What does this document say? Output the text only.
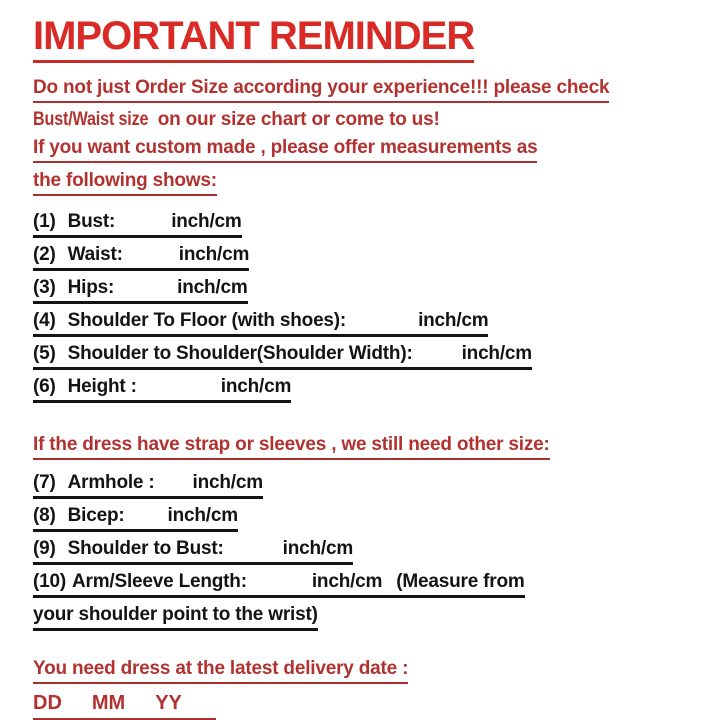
IMPORTANT REMINDER
Do not just Order Size according your experience!!! please check
Bust/Waist size on our size chart or come to us!
If you want custom made , please offer measurements as
the following shows:
(1) Bust:	inch/cm
(2) Waist:	inch/cm
(3) Hips:	inch/cm
(4) Shoulder To Floor (with shoes):	inch/cm
(5) Shoulder to Shoulder(Shoulder Width):	inch/cm
(6) Height :	inch/cm
If the dress have strap or sleeves , we still need other size:
(7) Armhole : inch/cm
(8) Bicep: inch/cm
(9) Shoulder to Bust:	inch/cm
(10) Arm/Sleeve Length:	inch/cm (Measure from
your shoulder point to the wrist)
You need dress at the latest delivery date :
DD MM YY
